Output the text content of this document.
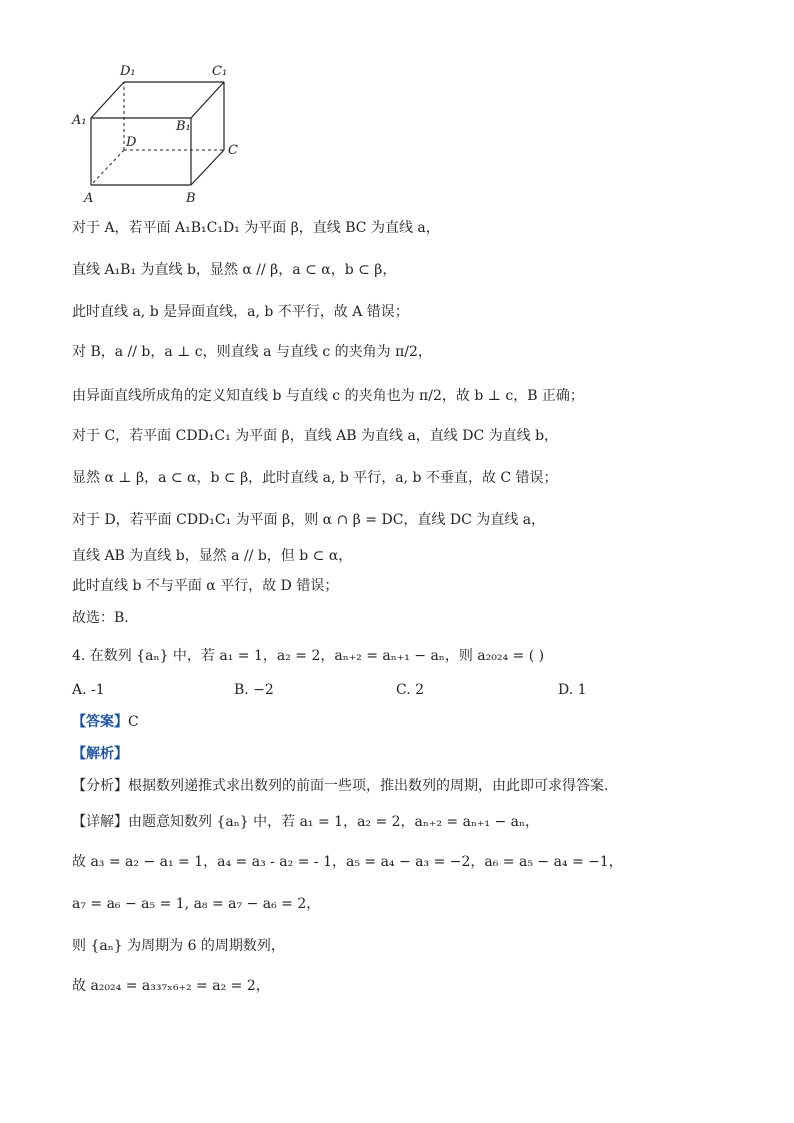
D₁	C₁
A₁	B₁
D
C
A	B
对于 A，若平面 A₁B₁C₁D₁ 为平面 β，直线 BC 为直线 a，
直线 A₁B₁ 为直线 b，显然 α // β，a ⊂ α，b ⊂ β，
此时直线 a, b 是异面直线，a, b 不平行，故 A 错误；
对 B，a // b，a ⊥ c，则直线 a 与直线 c 的夹角为 π/2，
由异面直线所成角的定义知直线 b 与直线 c 的夹角也为 π/2，故 b ⊥ c，B 正确；
对于 C，若平面 CDD₁C₁ 为平面 β，直线 AB 为直线 a，直线 DC 为直线 b，
显然 α ⊥ β，a ⊂ α，b ⊂ β，此时直线 a, b 平行，a, b 不垂直，故 C 错误；
对于 D，若平面 CDD₁C₁ 为平面 β，则 α ∩ β = DC，直线 DC 为直线 a，
直线 AB 为直线 b，显然 a // b，但 b ⊂ α，
此时直线 b 不与平面 α 平行，故 D 错误；
故选：B.
4. 在数列 {aₙ} 中，若 a₁ = 1，a₂ = 2，aₙ₊₂ = aₙ₊₁ − aₙ，则 a₂₀₂₄ = ( )
A. -1	B. −2	C. 2	D. 1
【答案】C
【解析】
【分析】根据数列递推式求出数列的前面一些项，推出数列的周期，由此即可求得答案.
【详解】由题意知数列 {aₙ} 中，若 a₁ = 1，a₂ = 2，aₙ₊₂ = aₙ₊₁ − aₙ，
故 a₃ = a₂ − a₁ = 1，a₄ = a₃ - a₂ = - 1，a₅ = a₄ − a₃ = −2，a₆ = a₅ − a₄ = −1，
a₇ = a₆ − a₅ = 1, a₈ = a₇ − a₆ = 2，
则 {aₙ} 为周期为 6 的周期数列，
故 a₂₀₂₄ = a₃₃₇ₓ₆₊₂ = a₂ = 2，
